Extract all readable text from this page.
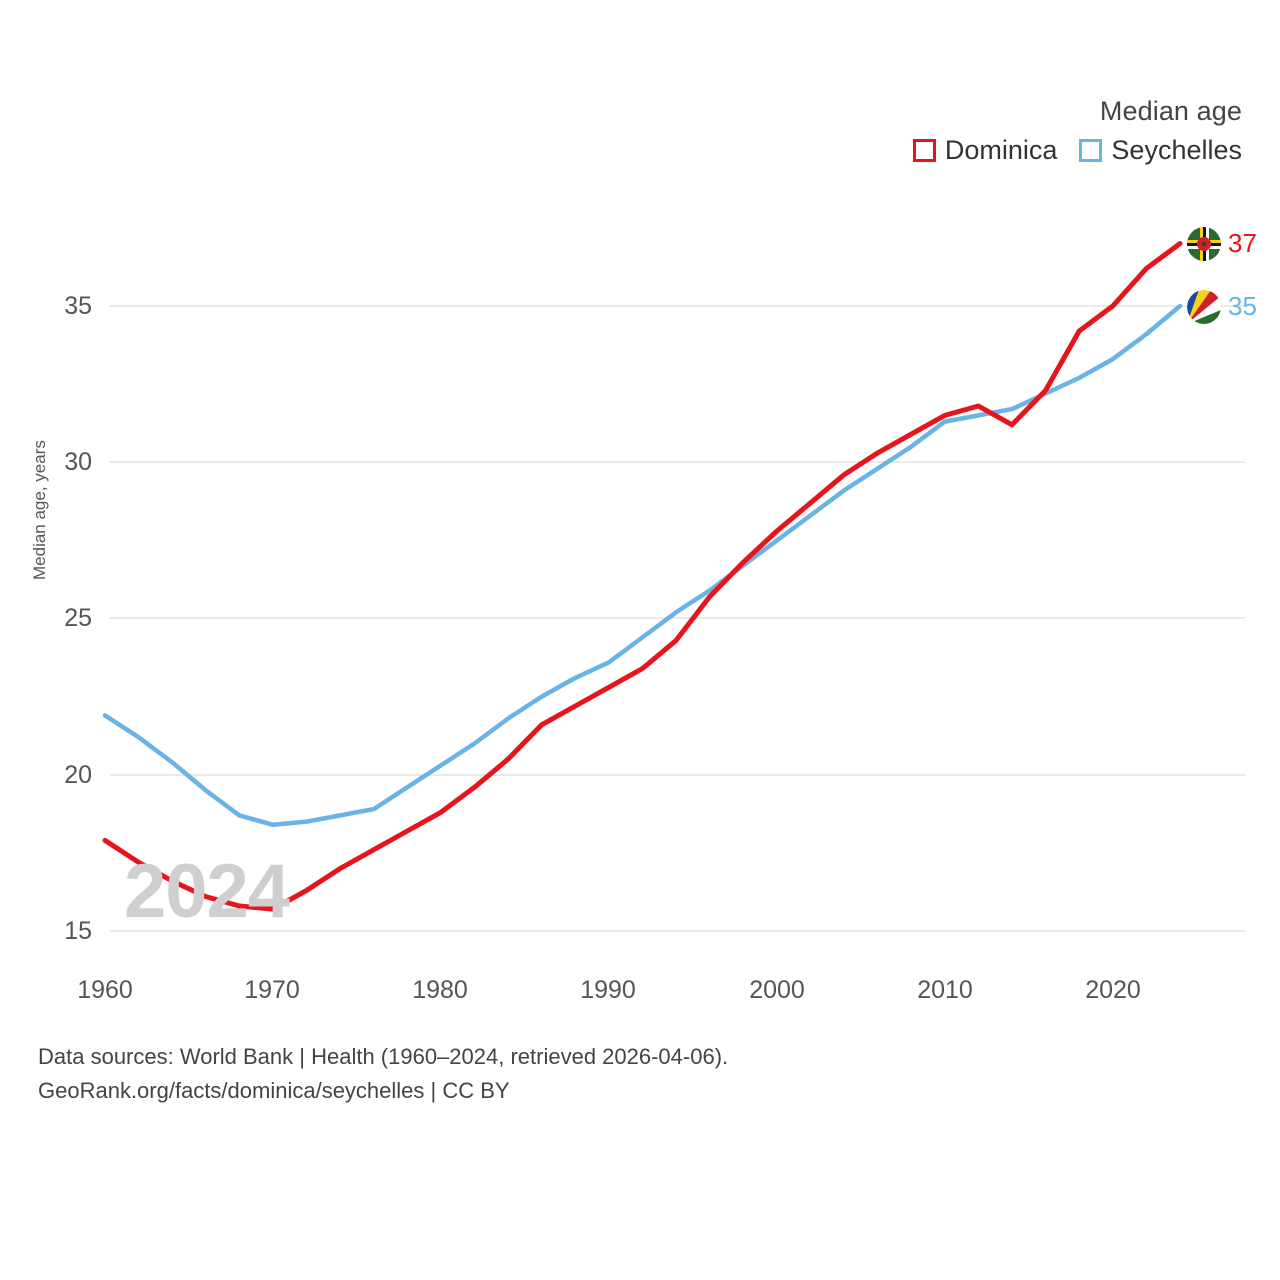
35
30
25
20
15
1960	1970	1980	1990	2000	2010	2020
Median age
Dominica Seychelles
Median age, years
2024
37
35
Data sources: World Bank | Health (1960–2024, retrieved 2026-04-06).
GeoRank.org/facts/dominica/seychelles | CC BY
